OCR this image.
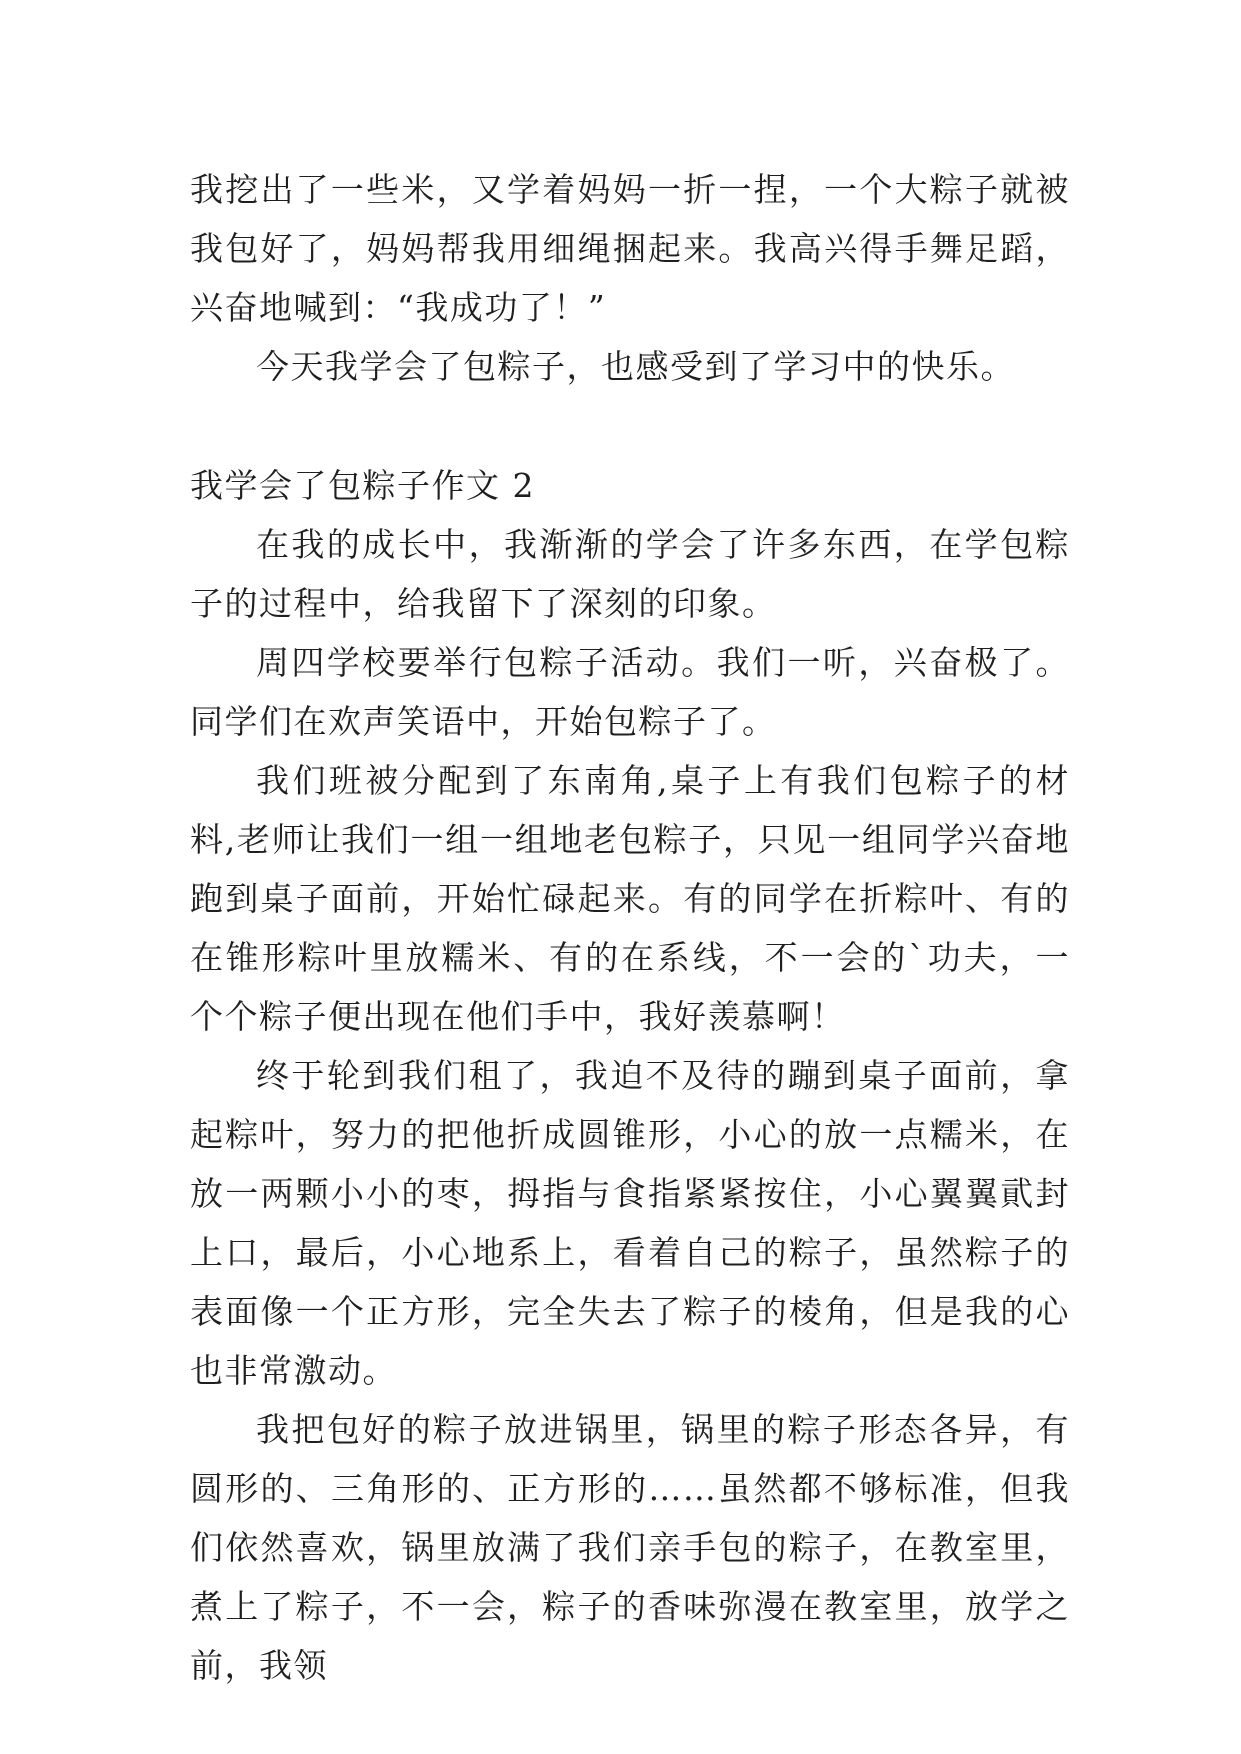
我挖出了一些米，又学着妈妈一折一捏，一个大粽子就被我包好了，妈妈帮我用细绳捆起来。我高兴得手舞足蹈，兴奋地喊到：“我成功了！”

今天我学会了包粽子，也感受到了学习中的快乐。

我学会了包粽子作文 2

在我的成长中，我渐渐的学会了许多东西，在学包粽子的过程中，给我留下了深刻的印象。

周四学校要举行包粽子活动。我们一听，兴奋极了。同学们在欢声笑语中，开始包粽子了。

我们班被分配到了东南角,桌子上有我们包粽子的材料,老师让我们一组一组地老包粽子，只见一组同学兴奋地跑到桌子面前，开始忙碌起来。有的同学在折粽叶、有的在锥形粽叶里放糯米、有的在系线，不一会的`功夫，一个个粽子便出现在他们手中，我好羡慕啊！

终于轮到我们租了，我迫不及待的蹦到桌子面前，拿起粽叶，努力的把他折成圆锥形，小心的放一点糯米，在放一两颗小小的枣，拇指与食指紧紧按住，小心翼翼貮封上口，最后，小心地系上，看着自己的粽子，虽然粽子的表面像一个正方形，完全失去了粽子的棱角，但是我的心也非常激动。

我把包好的粽子放进锅里，锅里的粽子形态各异，有圆形的、三角形的、正方形的……虽然都不够标准，但我们依然喜欢，锅里放满了我们亲手包的粽子，在教室里，煮上了粽子，不一会，粽子的香味弥漫在教室里，放学之前，我领
